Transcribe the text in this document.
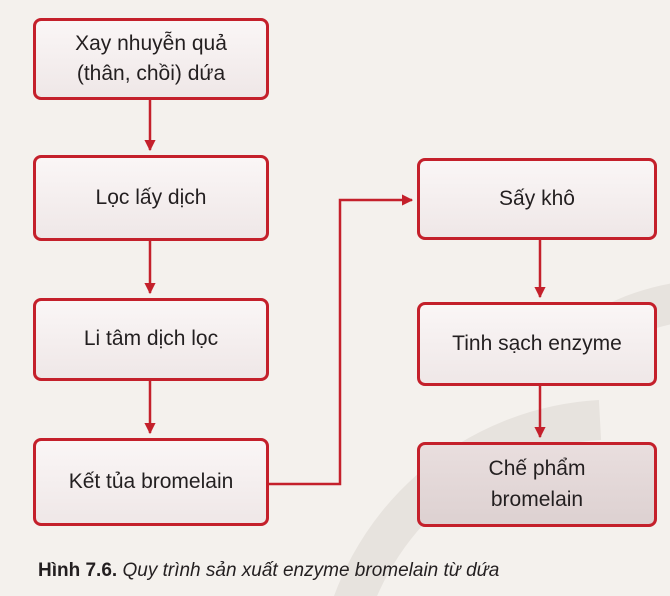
Xay nhuyễn quả
(thân, chồi) dứa
Lọc lấy dịch
Li tâm dịch lọc
Kết tủa bromelain
Sấy khô
Tinh sạch enzyme
Chế phẩm
bromelain
Hình 7.6. Quy trình sản xuất enzyme bromelain từ dứa
